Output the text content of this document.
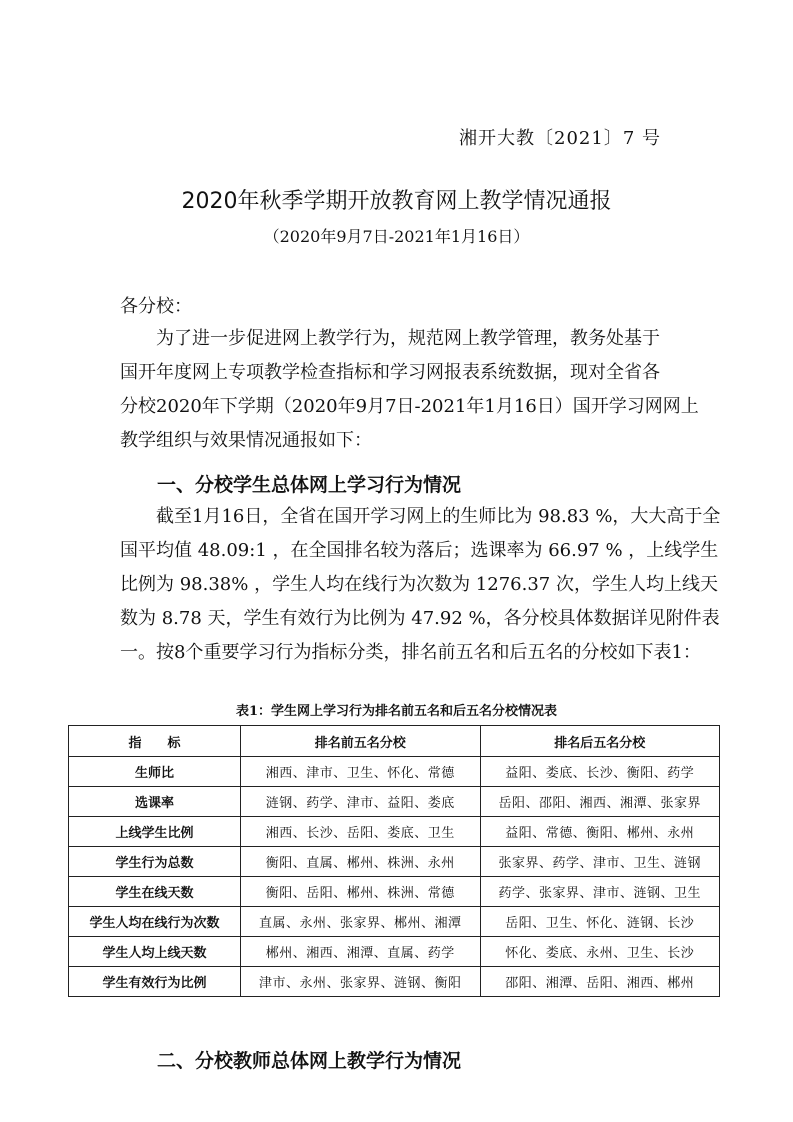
湘开大教〔2021〕7 号
2020年秋季学期开放教育网上教学情况通报
（2020年9月7日-2021年1月16日）
各分校：
为了进一步促进网上教学行为，规范网上教学管理，教务处基于
国开年度网上专项教学检查指标和学习网报表系统数据，现对全省各
分校2020年下学期（2020年9月7日-2021年1月16日）国开学习网网上
教学组织与效果情况通报如下：
一、分校学生总体网上学习行为情况
截至1月16日，全省在国开学习网上的生师比为 98.83 %，大大高于全
国平均值 48.09:1 ，在全国排名较为落后；选课率为 66.97 % ，上线学生
比例为 98.38% ，学生人均在线行为次数为 1276.37 次，学生人均上线天
数为 8.78 天，学生有效行为比例为 47.92 %，各分校具体数据详见附件表
一。按8个重要学习行为指标分类，排名前五名和后五名的分校如下表1：
表1：学生网上学习行为排名前五名和后五名分校情况表
指　　标	排名前五名分校	排名后五名分校
生师比	湘西、津市、卫生、怀化、常德	益阳、娄底、长沙、衡阳、药学
选课率	涟钢、药学、津市、益阳、娄底	岳阳、邵阳、湘西、湘潭、张家界
上线学生比例	湘西、长沙、岳阳、娄底、卫生	益阳、常德、衡阳、郴州、永州
学生行为总数	衡阳、直属、郴州、株洲、永州	张家界、药学、津市、卫生、涟钢
学生在线天数	衡阳、岳阳、郴州、株洲、常德	药学、张家界、津市、涟钢、卫生
学生人均在线行为次数	直属、永州、张家界、郴州、湘潭	岳阳、卫生、怀化、涟钢、长沙
学生人均上线天数	郴州、湘西、湘潭、直属、药学	怀化、娄底、永州、卫生、长沙
学生有效行为比例	津市、永州、张家界、涟钢、衡阳	邵阳、湘潭、岳阳、湘西、郴州
二、分校教师总体网上教学行为情况
